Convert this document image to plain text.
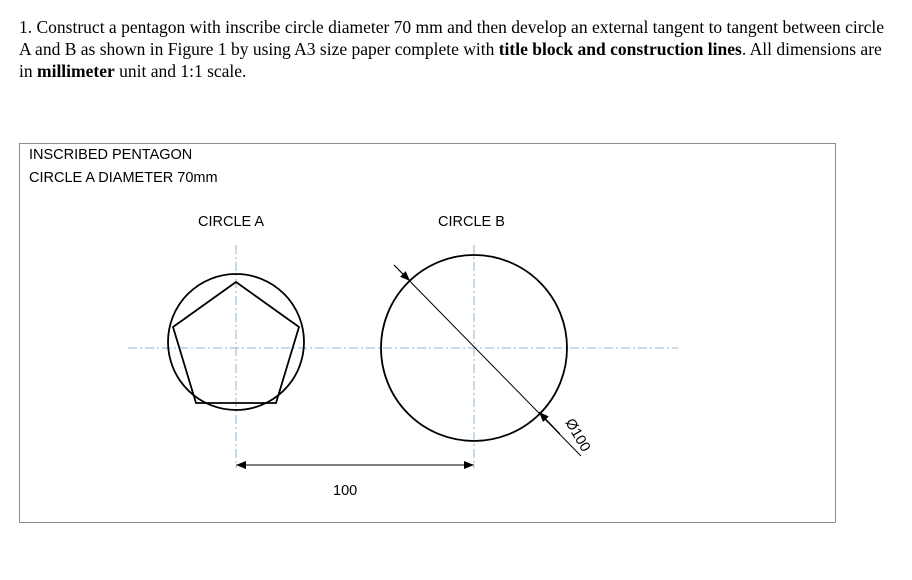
1. Construct a pentagon with inscribe circle diameter 70 mm and then develop an external tangent to tangent between circle A and B as shown in Figure 1 by using A3 size paper complete with title block and construction lines. All dimensions are in millimeter unit and 1:1 scale.
INSCRIBED PENTAGON
CIRCLE A DIAMETER 70mm
CIRCLE A	CIRCLE B
100
Ø100
